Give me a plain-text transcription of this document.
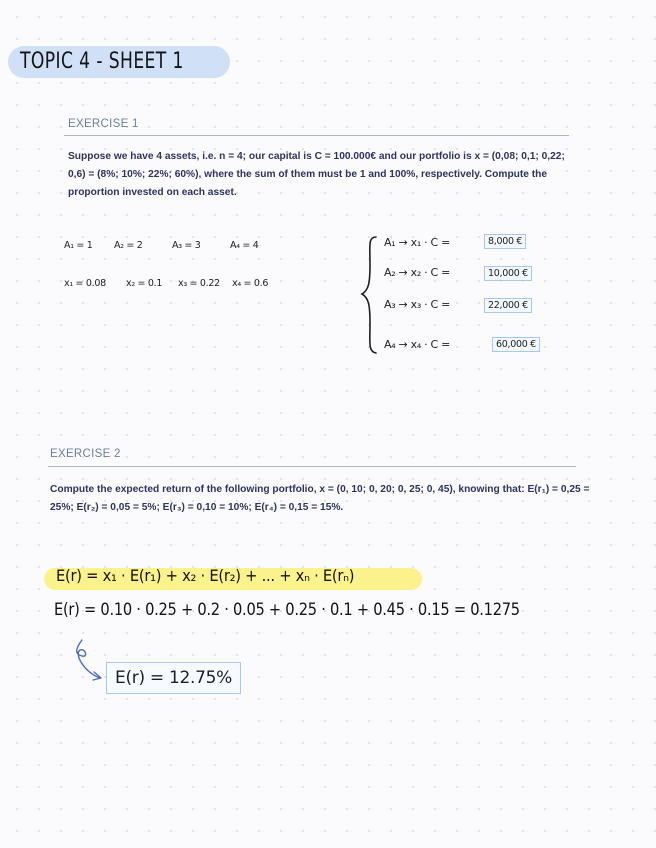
TOPIC 4 - SHEET 1
EXERCISE 1
Suppose we have 4 assets, i.e. n = 4; our capital is C = 100.000€ and our portfolio is x = (0,08; 0,1; 0,22; 0,6) = (8%; 10%; 22%; 60%), where the sum of them must be 1 and 100%, respectively. Compute the proportion invested on each asset.
A₁ = 1 A₂ = 2	A₃ = 3	A₄ = 4
x₁ = 0.08 x₂ = 0.1 x₃ = 0.22 x₄ = 0.6
A₁ → x₁ · C =
A₂ → x₂ · C =
A₃ → x₃ · C =
A₄ → x₄ · C =
8,000 €
10,000 €
22,000 €
60,000 €
EXERCISE 2
Compute the expected return of the following portfolio, x = (0, 10; 0, 20; 0, 25; 0, 45), knowing that: E(r₁) = 0,25 = 25%; E(r₂) = 0,05 = 5%; E(r₃) = 0,10 = 10%; E(r₄) = 0,15 = 15%.
E(r) = x₁ · E(r₁) + x₂ · E(r₂) + ... + xₙ · E(rₙ)
E(r) = 0.10 · 0.25 + 0.2 · 0.05 + 0.25 · 0.1 + 0.45 · 0.15 = 0.1275
E(r) = 12.75%
